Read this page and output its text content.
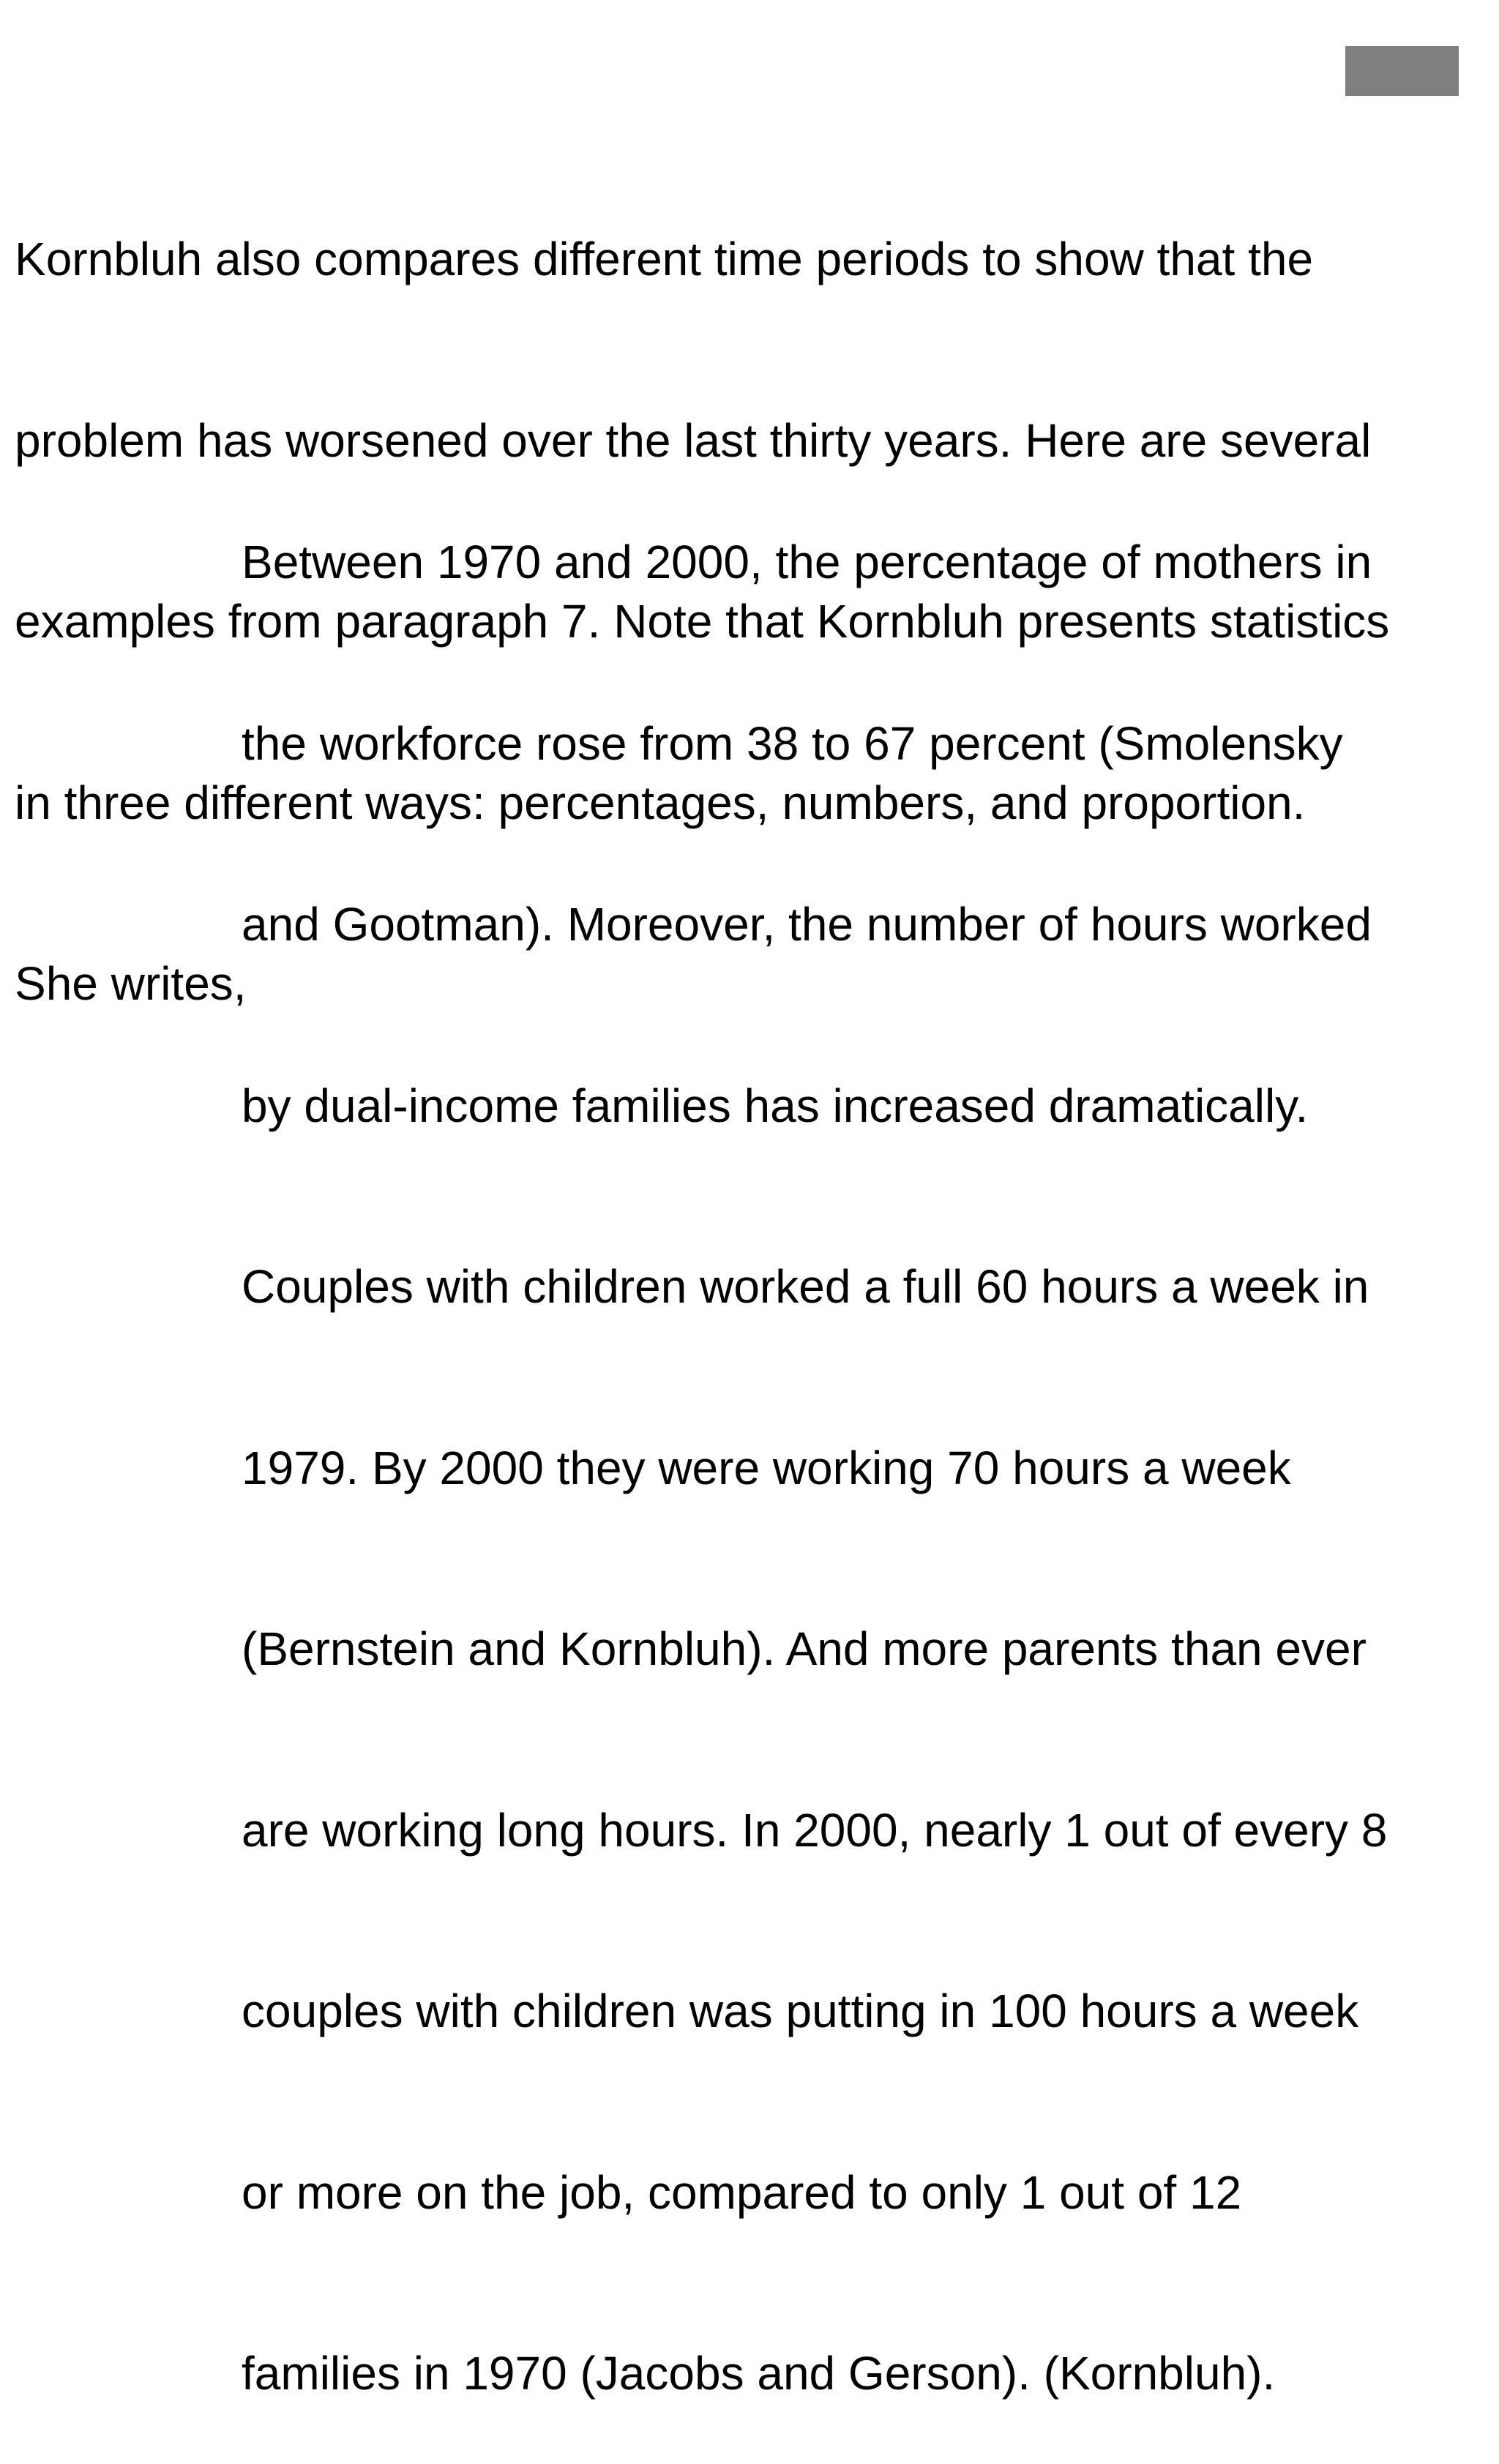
Kornbluh also compares different time periods to show that the

problem has worsened over the last thirty years. Here are several

examples from paragraph 7. Note that Kornbluh presents statistics

in three different ways: percentages, numbers, and proportion.

She writes,

Between 1970 and 2000, the percentage of mothers in

the workforce rose from 38 to 67 percent (Smolensky

and Gootman). Moreover, the number of hours worked

by dual-income families has increased dramatically.

Couples with children worked a full 60 hours a week in

1979. By 2000 they were working 70 hours a week

(Bernstein and Kornbluh). And more parents than ever

are working long hours. In 2000, nearly 1 out of every 8

couples with children was putting in 100 hours a week

or more on the job, compared to only 1 out of 12

families in 1970 (Jacobs and Gerson). (Kornbluh).
